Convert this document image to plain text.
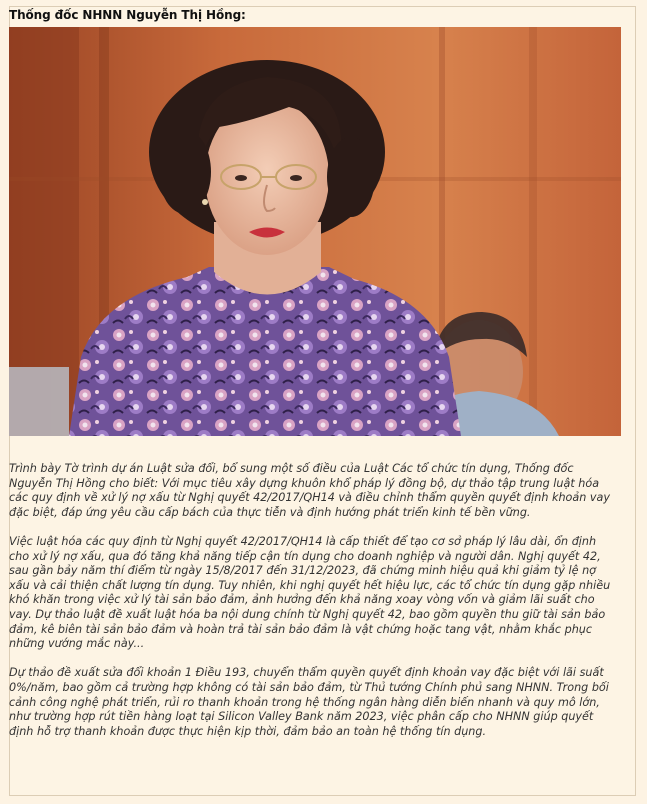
Thống đốc NHNN Nguyễn Thị Hồng:

Trình bày Tờ trình dự án Luật sửa đổi, bổ sung một số điều của Luật Các tổ chức tín dụng, Thống đốc Nguyễn Thị Hồng cho biết: Với mục tiêu xây dựng khuôn khổ pháp lý đồng bộ, dự thảo tập trung luật hóa các quy định về xử lý nợ xấu từ Nghị quyết 42/2017/QH14 và điều chỉnh thẩm quyền quyết định khoản vay đặc biệt, đáp ứng yêu cầu cấp bách của thực tiễn và định hướng phát triển kinh tế bền vững.

Việc luật hóa các quy định từ Nghị quyết 42/2017/QH14 là cấp thiết để tạo cơ sở pháp lý lâu dài, ổn định cho xử lý nợ xấu, qua đó tăng khả năng tiếp cận tín dụng cho doanh nghiệp và người dân. Nghị quyết 42, sau gần bảy năm thí điểm từ ngày 15/8/2017 đến 31/12/2023, đã chứng minh hiệu quả khi giảm tỷ lệ nợ xấu và cải thiện chất lượng tín dụng. Tuy nhiên, khi nghị quyết hết hiệu lực, các tổ chức tín dụng gặp nhiều khó khăn trong việc xử lý tài sản bảo đảm, ảnh hưởng đến khả năng xoay vòng vốn và giảm lãi suất cho vay. Dự thảo luật đề xuất luật hóa ba nội dung chính từ Nghị quyết 42, bao gồm quyền thu giữ tài sản bảo đảm, kê biên tài sản bảo đảm và hoàn trả tài sản bảo đảm là vật chứng hoặc tang vật, nhằm khắc phục những vướng mắc này...

Dự thảo đề xuất sửa đổi khoản 1 Điều 193, chuyển thẩm quyền quyết định khoản vay đặc biệt với lãi suất 0%/năm, bao gồm cả trường hợp không có tài sản bảo đảm, từ Thủ tướng Chính phủ sang NHNN. Trong bối cảnh công nghệ phát triển, rủi ro thanh khoản trong hệ thống ngân hàng diễn biến nhanh và quy mô lớn, như trường hợp rút tiền hàng loạt tại Silicon Valley Bank năm 2023, việc phân cấp cho NHNN giúp quyết định hỗ trợ thanh khoản được thực hiện kịp thời, đảm bảo an toàn hệ thống tín dụng.
